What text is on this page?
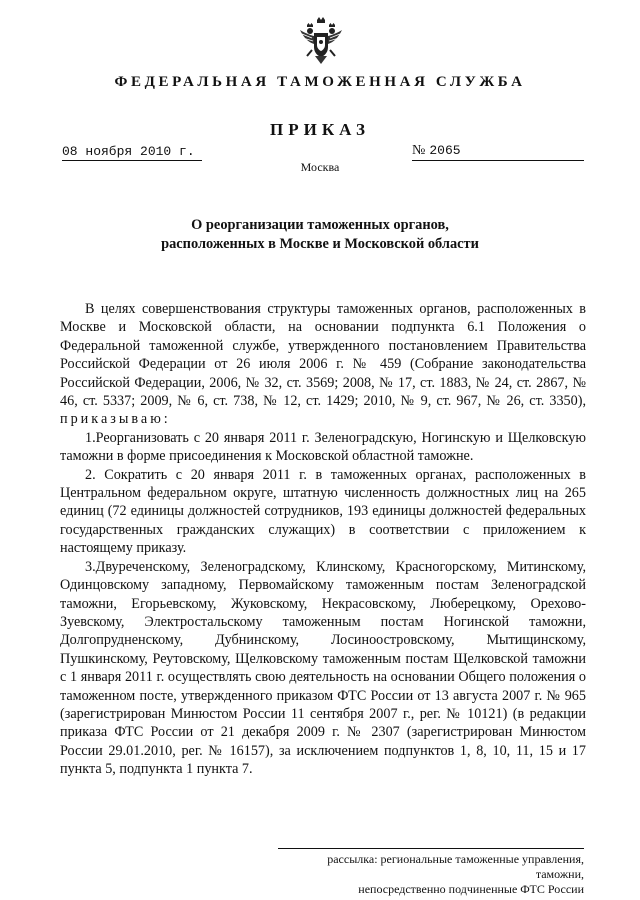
ФЕДЕРАЛЬНАЯ ТАМОЖЕННАЯ СЛУЖБА
ПРИКАЗ
08 ноября 2010 г.	№ 2065
Москва
О реорганизации таможенных органов,
расположенных в Москве и Московской области

В целях совершенствования структуры таможенных органов, расположенных в Москве и Московской области, на основании подпункта 6.1 Положения о Федеральной таможенной службе, утвержденного постановлением Правительства Российской Федерации от 26 июля 2006 г. № 459 (Собрание законодательства Российской Федерации, 2006, № 32, ст. 3569; 2008, № 17, ст. 1883, № 24, ст. 2867, № 46, ст. 5337; 2009, № 6, ст. 738, № 12, ст. 1429; 2010, № 9, ст. 967, № 26, ст. 3350), приказываю:

1.Реорганизовать с 20 января 2011 г. Зеленоградскую, Ногинскую и Щелковскую таможни в форме присоединения к Московской областной таможне.

2. Сократить с 20 января 2011 г. в таможенных органах, расположенных в Центральном федеральном округе, штатную численность должностных лиц на 265 единиц (72 единицы должностей сотрудников, 193 единицы должностей федеральных государственных гражданских служащих) в соответствии с приложением к настоящему приказу.

3.Двуреченскому, Зеленоградскому, Клинскому, Красногорскому, Митинскому, Одинцовскому западному, Первомайскому таможенным постам Зеленоградской таможни, Егорьевскому, Жуковскому, Некрасовскому, Люберецкому, Орехово-Зуевскому, Электростальскому таможенным постам Ногинской таможни, Долгопрудненскому, Дубнинскому, Лосиноостровскому, Мытищинскому, Пушкинскому, Реутовскому, Щелковскому таможенным постам Щелковской таможни с 1 января 2011 г. осуществлять свою деятельность на основании Общего положения о таможенном посте, утвержденного приказом ФТС России от 13 августа 2007 г. № 965 (зарегистрирован Минюстом России 11 сентября 2007 г., рег. № 10121) (в редакции приказа ФТС России от 21 декабря 2009 г. № 2307 (зарегистрирован Минюстом России 29.01.2010, рег. № 16157), за исключением подпунктов 1, 8, 10, 11, 15 и 17 пункта 5, подпункта 1 пункта 7.

рассылка: региональные таможенные управления, таможни,
непосредственно подчиненные ФТС России
